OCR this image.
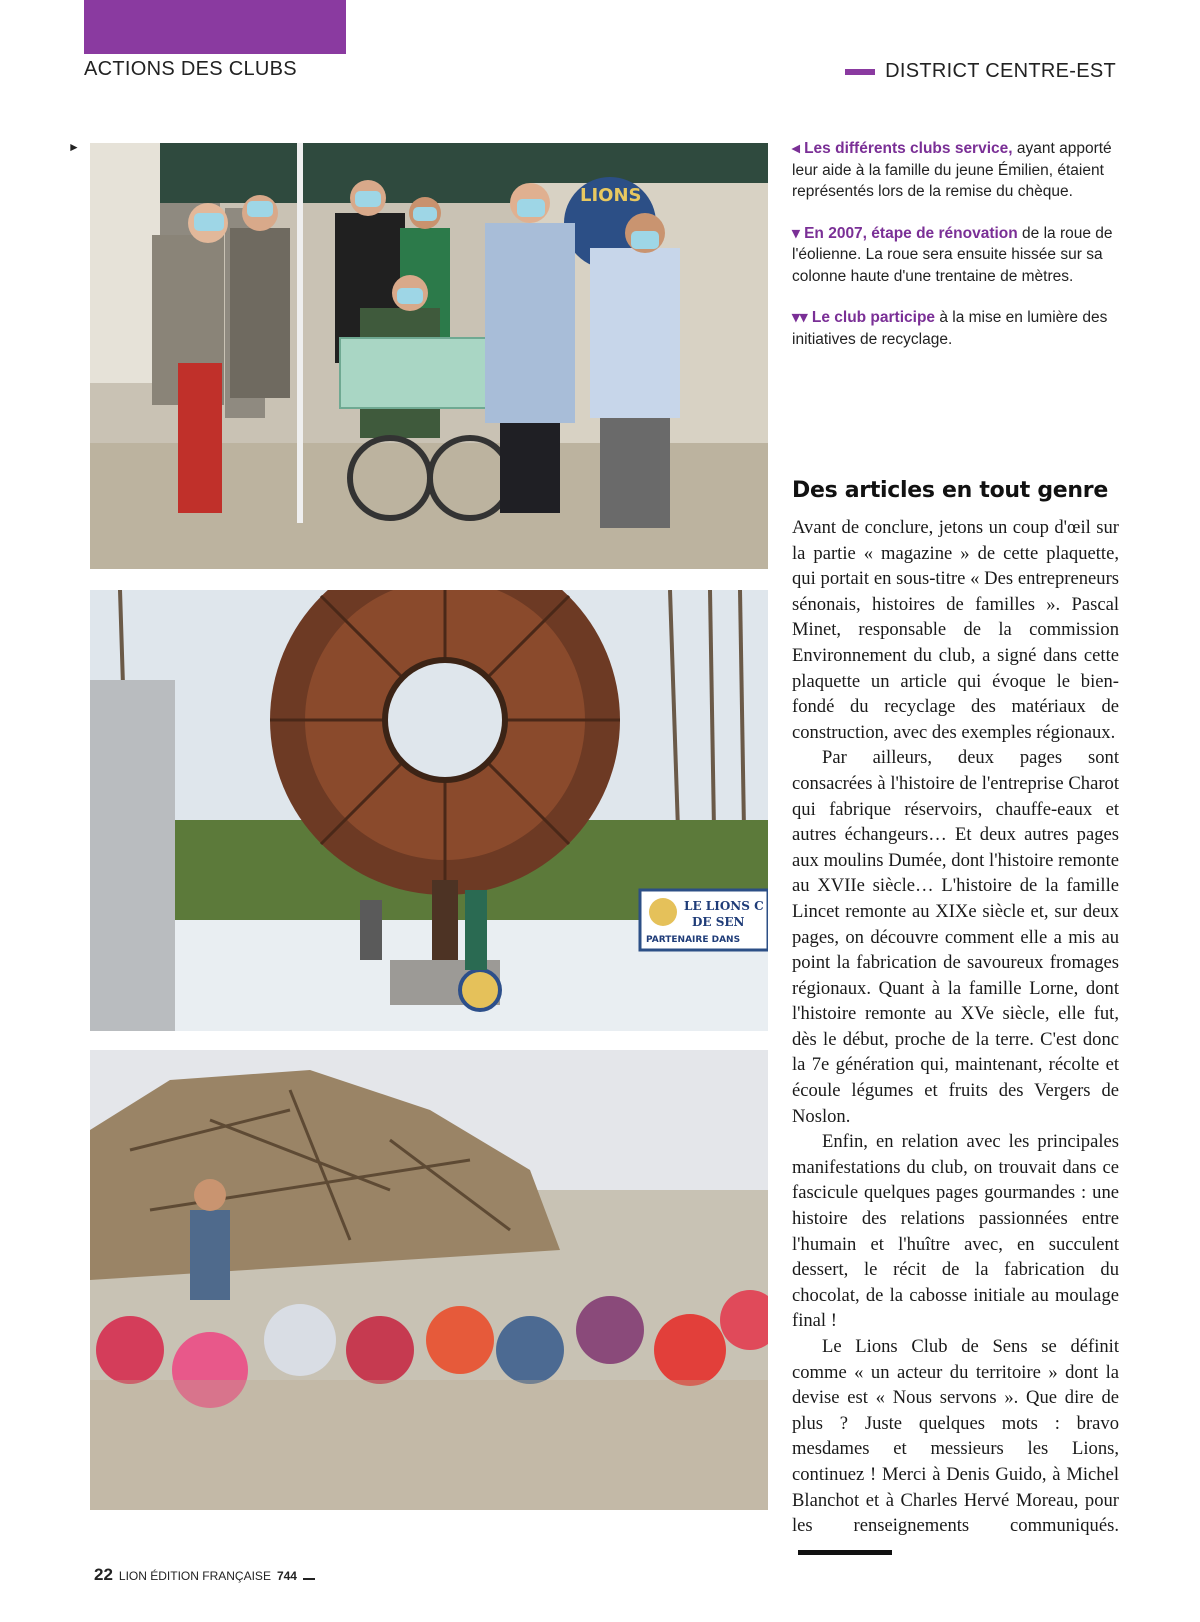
ACTIONS DES CLUBS	DISTRICT CENTRE-EST
►
LIONS
LE LIONS C
DE SEN
PARTENAIRE DANS

◂ Les différents clubs service, ayant apporté leur aide à la famille du jeune Émilien, étaient représentés lors de la remise du chèque.

▾ En 2007, étape de rénovation de la roue de l'éolienne. La roue sera ensuite hissée sur sa colonne haute d'une trentaine de mètres.

▾▾ Le club participe à la mise en lumière des initiatives de recyclage.

Des articles en tout genre

Avant de conclure, jetons un coup d'œil sur la partie « magazine » de cette plaquette, qui portait en sous-titre « Des entrepreneurs sénonais, histoires de familles ». Pascal Minet, responsable de la commission Environnement du club, a signé dans cette plaquette un article qui évoque le bien-fondé du recyclage des matériaux de construction, avec des exemples régionaux.

Par ailleurs, deux pages sont consacrées à l'histoire de l'entreprise Charot qui fabrique réservoirs, chauffe-eaux et autres échangeurs… Et deux autres pages aux moulins Dumée, dont l'histoire remonte au XVIIe siècle… L'histoire de la famille Lincet remonte au XIXe siècle et, sur deux pages, on découvre comment elle a mis au point la fabrication de savoureux fromages régionaux. Quant à la famille Lorne, dont l'histoire remonte au XVe siècle, elle fut, dès le début, proche de la terre. C'est donc la 7e génération qui, maintenant, récolte et écoule légumes et fruits des Vergers de Noslon.

Enfin, en relation avec les principales manifestations du club, on trouvait dans ce fascicule quelques pages gourmandes : une histoire des relations passionnées entre l'humain et l'huître avec, en succulent dessert, le récit de la fabrication du chocolat, de la cabosse initiale au moulage final !

Le Lions Club de Sens se définit comme « un acteur du territoire » dont la devise est « Nous servons ». Que dire de plus ? Juste quelques mots : bravo mesdames et messieurs les Lions, continuez ! Merci à Denis Guido, à Michel Blanchot et à Charles Hervé Moreau, pour les renseignements communiqués.

22 LION ÉDITION FRANÇAISE 744
